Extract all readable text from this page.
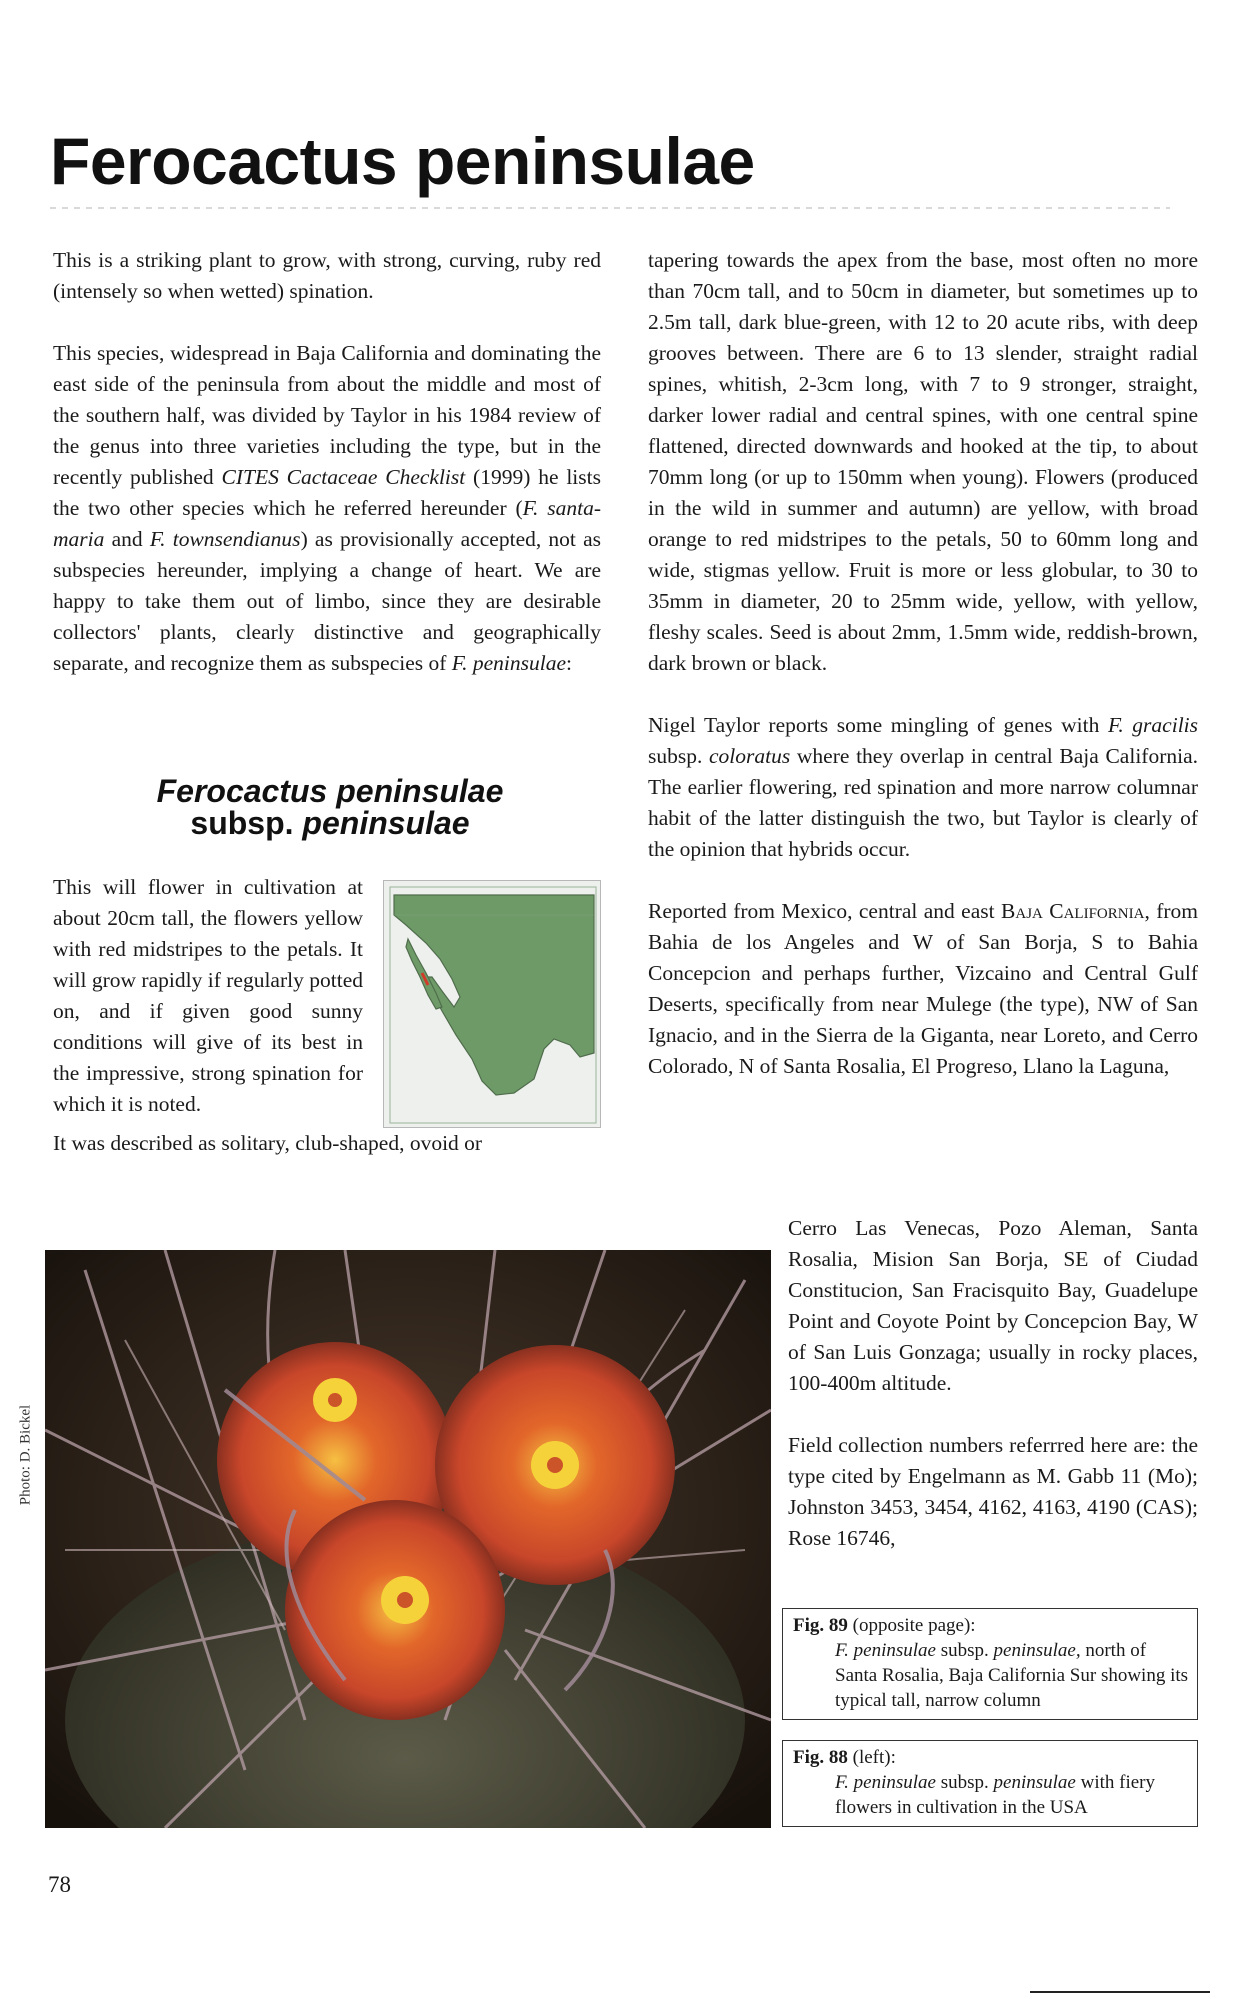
Ferocactus peninsulae

This is a striking plant to grow, with strong, curving, ruby red (intensely so when wetted) spination.

This species, widespread in Baja California and dominating the east side of the peninsula from about the middle and most of the southern half, was divided by Taylor in his 1984 review of the genus into three varieties including the type, but in the recently published CITES Cactaceae Checklist (1999) he lists the two other species which he referred hereunder (F. santa-maria and F. townsendianus) as provisionally accepted, not as subspecies hereunder, implying a change of heart. We are happy to take them out of limbo, since they are desirable collectors' plants, clearly distinctive and geographically separate, and recognize them as subspecies of F. peninsulae:

Ferocactus peninsulae
subsp. peninsulae

This will flower in cultivation at about 20cm tall, the flowers yellow with red midstripes to the petals. It will grow rapidly if regularly potted on, and if given good sunny conditions will give of its best in the impressive, strong spination for which it is noted.

It was described as solitary, club-shaped, ovoid or

Photo: D. Bickel

tapering towards the apex from the base, most often no more than 70cm tall, and to 50cm in diameter, but sometimes up to 2.5m tall, dark blue-green, with 12 to 20 acute ribs, with deep grooves between. There are 6 to 13 slender, straight radial spines, whitish, 2-3cm long, with 7 to 9 stronger, straight, darker lower radial and central spines, with one central spine flattened, directed downwards and hooked at the tip, to about 70mm long (or up to 150mm when young). Flowers (produced in the wild in summer and autumn) are yellow, with broad orange to red midstripes to the petals, 50 to 60mm long and wide, stigmas yellow. Fruit is more or less globular, to 30 to 35mm in diameter, 20 to 25mm wide, yellow, with yellow, fleshy scales. Seed is about 2mm, 1.5mm wide, reddish-brown, dark brown or black.

Nigel Taylor reports some mingling of genes with F. gracilis subsp. coloratus where they overlap in central Baja California. The earlier flowering, red spination and more narrow columnar habit of the latter distinguish the two, but Taylor is clearly of the opinion that hybrids occur.

Reported from Mexico, central and east Baja California, from Bahia de los Angeles and W of San Borja, S to Bahia Concepcion and perhaps further, Vizcaino and Central Gulf Deserts, specifically from near Mulege (the type), NW of San Ignacio, and in the Sierra de la Giganta, near Loreto, and Cerro Colorado, N of Santa Rosalia, El Progreso, Llano la Laguna,

Cerro Las Venecas, Pozo Aleman, Santa Rosalia, Mision San Borja, SE of Ciudad Constitucion, San Fracisquito Bay, Guadelupe Point and Coyote Point by Concepcion Bay, W of San Luis Gonzaga; usually in rocky places, 100-400m altitude.

Field collection numbers referrred here are: the type cited by Engelmann as M. Gabb 11 (Mo); Johnston 3453, 3454, 4162, 4163, 4190 (CAS); Rose 16746,

Fig. 89 (opposite page):
F. peninsulae subsp. peninsulae, north of Santa Rosalia, Baja California Sur showing its typical tall, narrow column
Fig. 88 (left):
F. peninsulae subsp. peninsulae with fiery flowers in cultivation in the USA
78
